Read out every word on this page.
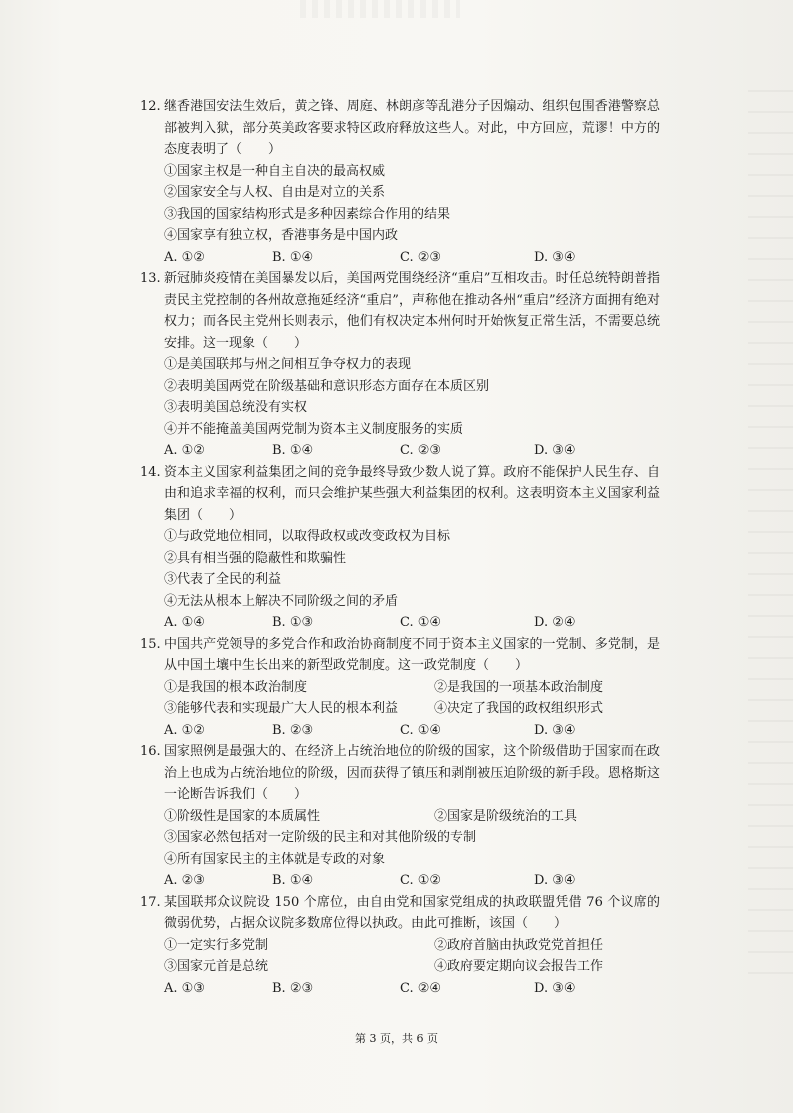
12. 继香港国安法生效后，黄之锋、周庭、林朗彦等乱港分子因煽动、组织包围香港警察总部被判入狱，部分英美政客要求特区政府释放这些人。对此，中方回应，荒谬！中方的态度表明了（　　）
①国家主权是一种自主自决的最高权威
②国家安全与人权、自由是对立的关系
③我国的国家结构形式是多种因素综合作用的结果
④国家享有独立权，香港事务是中国内政
A. ①②	B. ①④	C. ②③	D. ③④
13. 新冠肺炎疫情在美国暴发以后，美国两党围绕经济“重启”互相攻击。时任总统特朗普指责民主党控制的各州故意拖延经济“重启”，声称他在推动各州“重启”经济方面拥有绝对权力；而各民主党州长则表示，他们有权决定本州何时开始恢复正常生活，不需要总统安排。这一现象（　　）
①是美国联邦与州之间相互争夺权力的表现
②表明美国两党在阶级基础和意识形态方面存在本质区别
③表明美国总统没有实权
④并不能掩盖美国两党制为资本主义制度服务的实质
A. ①②	B. ①④	C. ②③	D. ③④
14. 资本主义国家利益集团之间的竞争最终导致少数人说了算。政府不能保护人民生存、自由和追求幸福的权利，而只会维护某些强大利益集团的权利。这表明资本主义国家利益集团（　　）
①与政党地位相同，以取得政权或改变政权为目标
②具有相当强的隐蔽性和欺骗性
③代表了全民的利益
④无法从根本上解决不同阶级之间的矛盾
A. ①④	B. ①③	C. ①④	D. ②④
15. 中国共产党领导的多党合作和政治协商制度不同于资本主义国家的一党制、多党制，是从中国土壤中生长出来的新型政党制度。这一政党制度（　　）
①是我国的根本政治制度	②是我国的一项基本政治制度
③能够代表和实现最广大人民的根本利益	④决定了我国的政权组织形式
A. ①②	B. ②③	C. ①④	D. ③④
16. 国家照例是最强大的、在经济上占统治地位的阶级的国家，这个阶级借助于国家而在政治上也成为占统治地位的阶级，因而获得了镇压和剥削被压迫阶级的新手段。恩格斯这一论断告诉我们（　　）
①阶级性是国家的本质属性	②国家是阶级统治的工具
③国家必然包括对一定阶级的民主和对其他阶级的专制
④所有国家民主的主体就是专政的对象
A. ②③	B. ①④	C. ①②	D. ③④
17. 某国联邦众议院设 150 个席位，由自由党和国家党组成的执政联盟凭借 76 个议席的微弱优势，占据众议院多数席位得以执政。由此可推断，该国（　　）
①一定实行多党制	②政府首脑由执政党党首担任
③国家元首是总统	④政府要定期向议会报告工作
A. ①③	B. ②③	C. ②④	D. ③④
第 3 页，共 6 页
